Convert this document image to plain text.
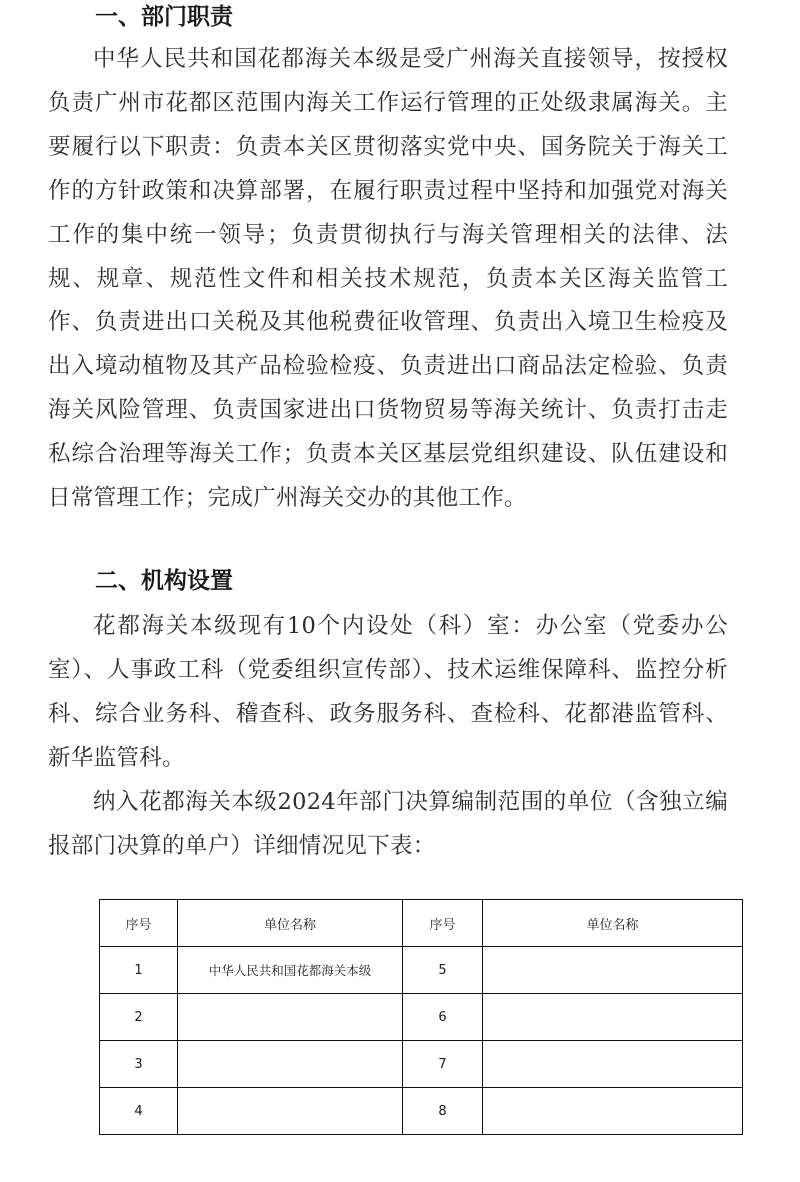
一、部门职责

中华人民共和国花都海关本级是受广州海关直接领导，按授权负责广州市花都区范围内海关工作运行管理的正处级隶属海关。主要履行以下职责：负责本关区贯彻落实党中央、国务院关于海关工作的方针政策和决算部署，在履行职责过程中坚持和加强党对海关工作的集中统一领导；负责贯彻执行与海关管理相关的法律、法规、规章、规范性文件和相关技术规范，负责本关区海关监管工作、负责进出口关税及其他税费征收管理、负责出入境卫生检疫及出入境动植物及其产品检验检疫、负责进出口商品法定检验、负责海关风险管理、负责国家进出口货物贸易等海关统计、负责打击走私综合治理等海关工作；负责本关区基层党组织建设、队伍建设和日常管理工作；完成广州海关交办的其他工作。

二、机构设置

花都海关本级现有10个内设处（科）室：办公室（党委办公室）、人事政工科（党委组织宣传部）、技术运维保障科、监控分析科、综合业务科、稽查科、政务服务科、查检科、花都港监管科、新华监管科。

纳入花都海关本级2024年部门决算编制范围的单位（含独立编报部门决算的单户）详细情况见下表：

序号	单位名称	序号	单位名称
1	中华人民共和国花都海关本级	5	
2		6	
3		7	
4		8	
